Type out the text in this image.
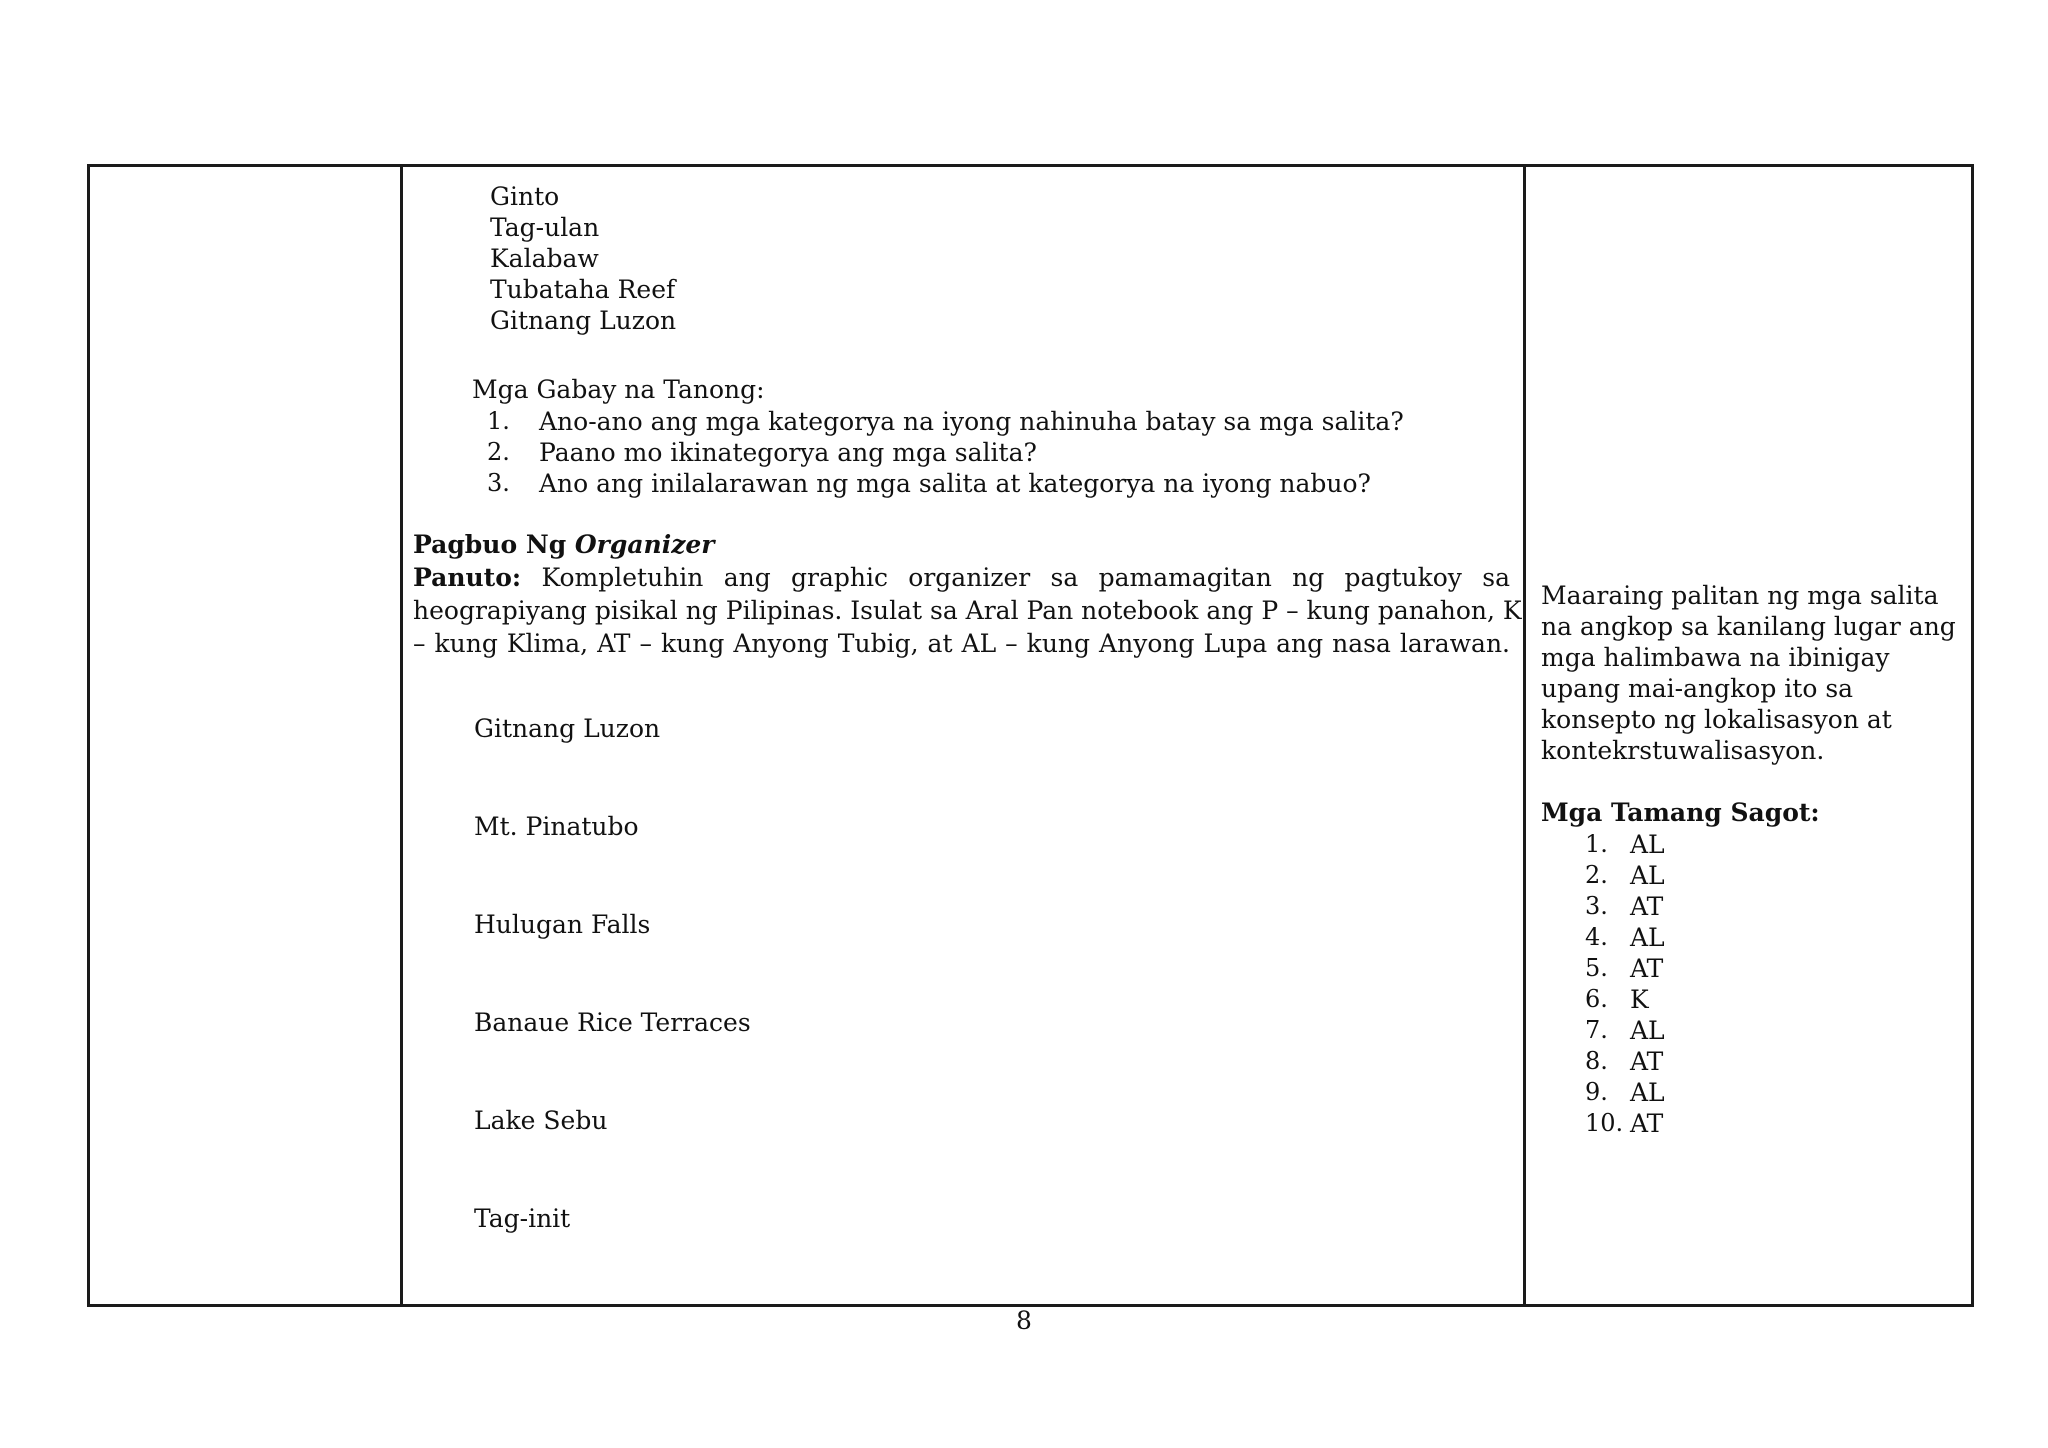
Ginto
Tag-ulan
Kalabaw
Tubataha Reef
Gitnang Luzon
Mga Gabay na Tanong:
1. Ano-ano ang mga kategorya na iyong nahinuha batay sa mga salita?
2. Paano mo ikinategorya ang mga salita?
3. Ano ang inilalarawan ng mga salita at kategorya na iyong nabuo?
Pagbuo Ng Organizer
Panuto: Kompletuhin ang graphic organizer sa pamamagitan ng pagtukoy sa
heograpiyang pisikal ng Pilipinas. Isulat sa Aral Pan notebook ang P – kung panahon, K
– kung Klima, AT – kung Anyong Tubig, at AL – kung Anyong Lupa ang nasa larawan.
Gitnang Luzon
Mt. Pinatubo
Hulugan Falls
Banaue Rice Terraces
Lake Sebu
Tag-init
Maaraing palitan ng mga salita
na angkop sa kanilang lugar ang
mga halimbawa na ibinigay
upang mai-angkop ito sa
konsepto ng lokalisasyon at
kontekrstuwalisasyon.
Mga Tamang Sagot:
1. AL
2. AL
3. AT
4. AL
5. AT
6. K
7. AL
8. AT
9. AL
10. AT
8
